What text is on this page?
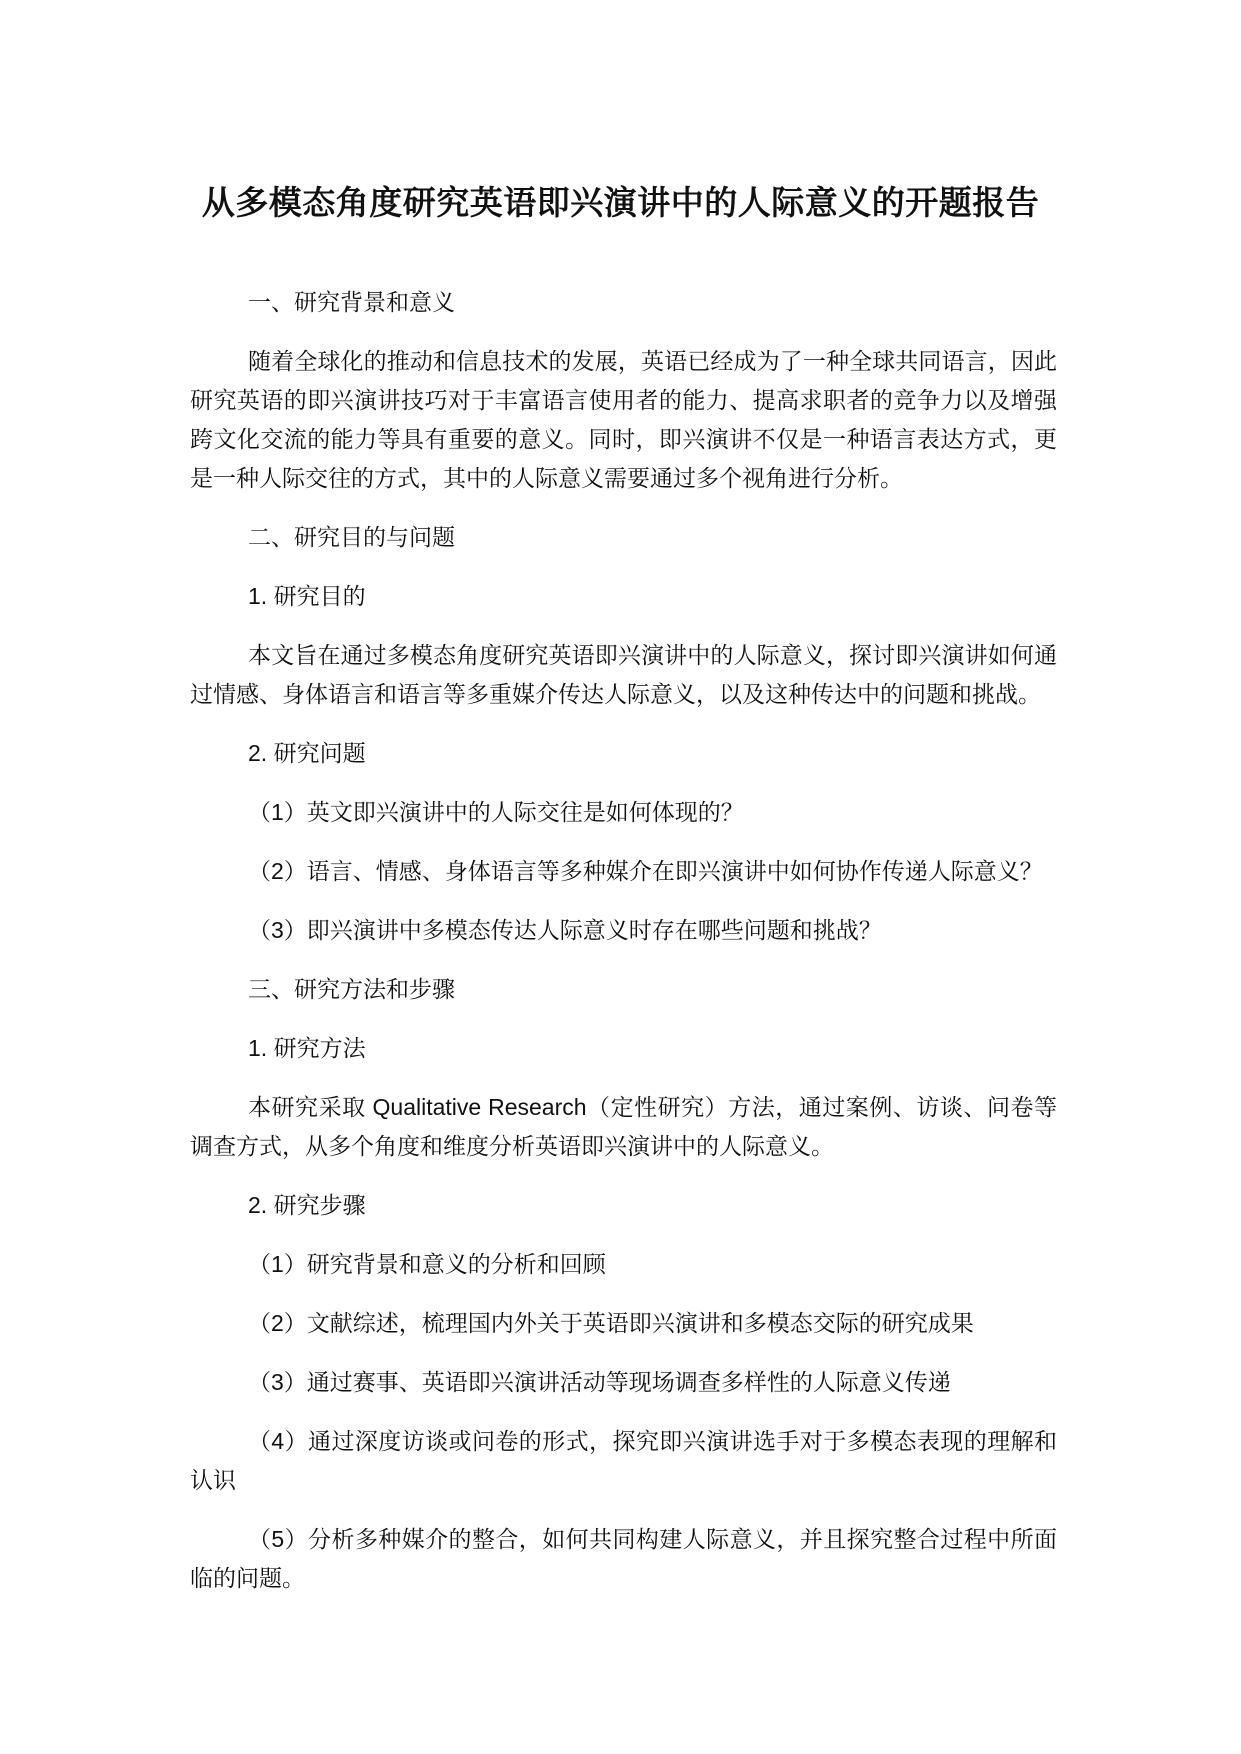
从多模态角度研究英语即兴演讲中的人际意义的开题报告
一、研究背景和意义
随着全球化的推动和信息技术的发展，英语已经成为了一种全球共同语言，因此
研究英语的即兴演讲技巧对于丰富语言使用者的能力、提高求职者的竞争力以及增强
跨文化交流的能力等具有重要的意义。同时，即兴演讲不仅是一种语言表达方式，更
是一种人际交往的方式，其中的人际意义需要通过多个视角进行分析。
二、研究目的与问题
1. 研究目的
本文旨在通过多模态角度研究英语即兴演讲中的人际意义，探讨即兴演讲如何通
过情感、身体语言和语言等多重媒介传达人际意义，以及这种传达中的问题和挑战。
2. 研究问题
（1）英文即兴演讲中的人际交往是如何体现的？
（2）语言、情感、身体语言等多种媒介在即兴演讲中如何协作传递人际意义？
（3）即兴演讲中多模态传达人际意义时存在哪些问题和挑战？
三、研究方法和步骤
1. 研究方法
本研究采取 Qualitative Research（定性研究）方法，通过案例、访谈、问卷等
调查方式，从多个角度和维度分析英语即兴演讲中的人际意义。
2. 研究步骤
（1）研究背景和意义的分析和回顾
（2）文献综述，梳理国内外关于英语即兴演讲和多模态交际的研究成果
（3）通过赛事、英语即兴演讲活动等现场调查多样性的人际意义传递
（4）通过深度访谈或问卷的形式，探究即兴演讲选手对于多模态表现的理解和
认识
（5）分析多种媒介的整合，如何共同构建人际意义，并且探究整合过程中所面
临的问题。
